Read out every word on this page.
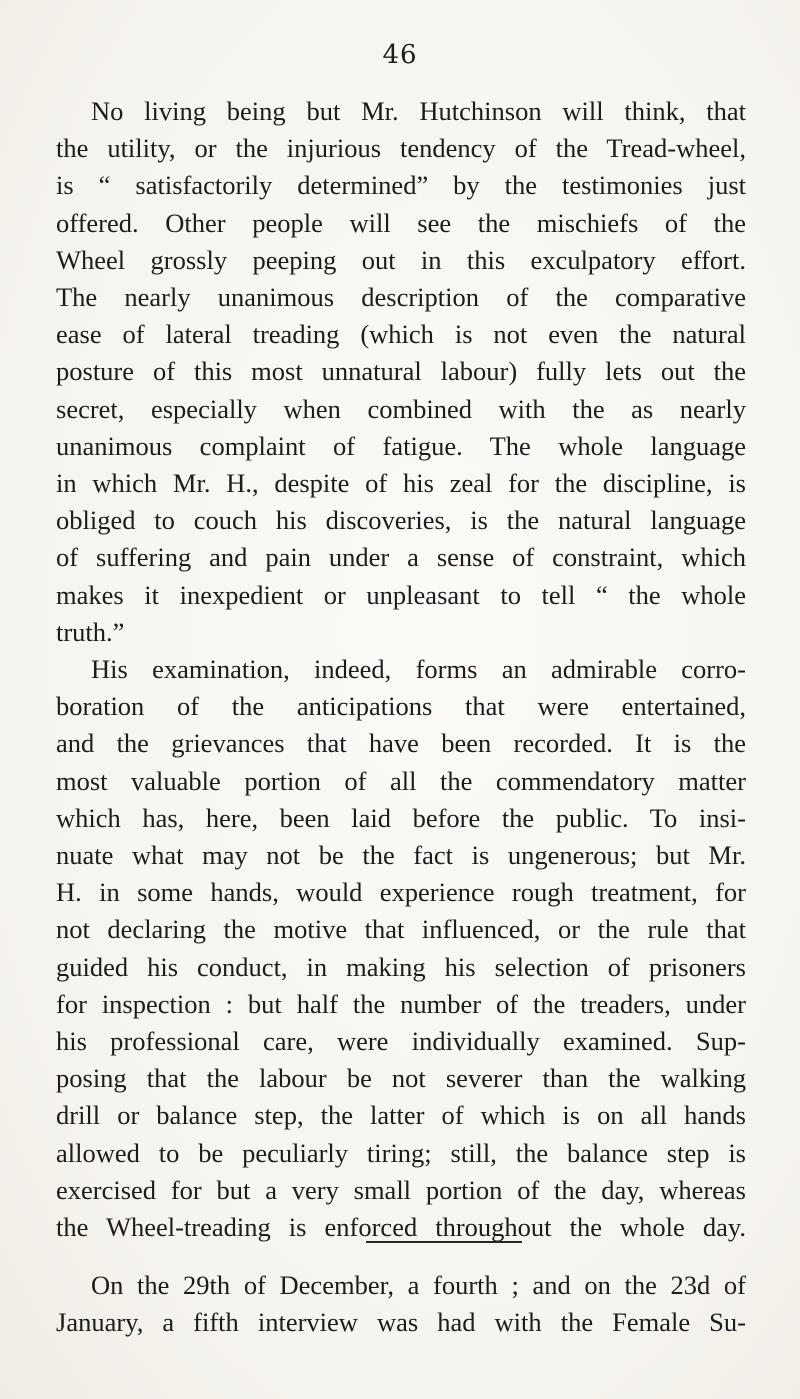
46
No living being but Mr. Hutchinson will think, that
the utility, or the injurious tendency of the Tread-wheel,
is “ satisfactorily determined” by the testimonies just
offered. Other people will see the mischiefs of the
Wheel grossly peeping out in this exculpatory effort.
The nearly unanimous description of the comparative
ease of lateral treading (which is not even the natural
posture of this most unnatural labour) fully lets out the
secret, especially when combined with the as nearly
unanimous complaint of fatigue. The whole language
in which Mr. H., despite of his zeal for the discipline, is
obliged to couch his discoveries, is the natural language
of suffering and pain under a sense of constraint, which
makes it inexpedient or unpleasant to tell “ the whole
truth.”
His examination, indeed, forms an admirable corro-
boration of the anticipations that were entertained,
and the grievances that have been recorded. It is the
most valuable portion of all the commendatory matter
which has, here, been laid before the public. To insi-
nuate what may not be the fact is ungenerous; but Mr.
H. in some hands, would experience rough treatment, for
not declaring the motive that influenced, or the rule that
guided his conduct, in making his selection of prisoners
for inspection : but half the number of the treaders, under
his professional care, were individually examined. Sup-
posing that the labour be not severer than the walking
drill or balance step, the latter of which is on all hands
allowed to be peculiarly tiring; still, the balance step is
exercised for but a very small portion of the day, whereas
the Wheel-treading is enforced throughout the whole day.
On the 29th of December, a fourth ; and on the 23d of
January, a fifth interview was had with the Female Su-
